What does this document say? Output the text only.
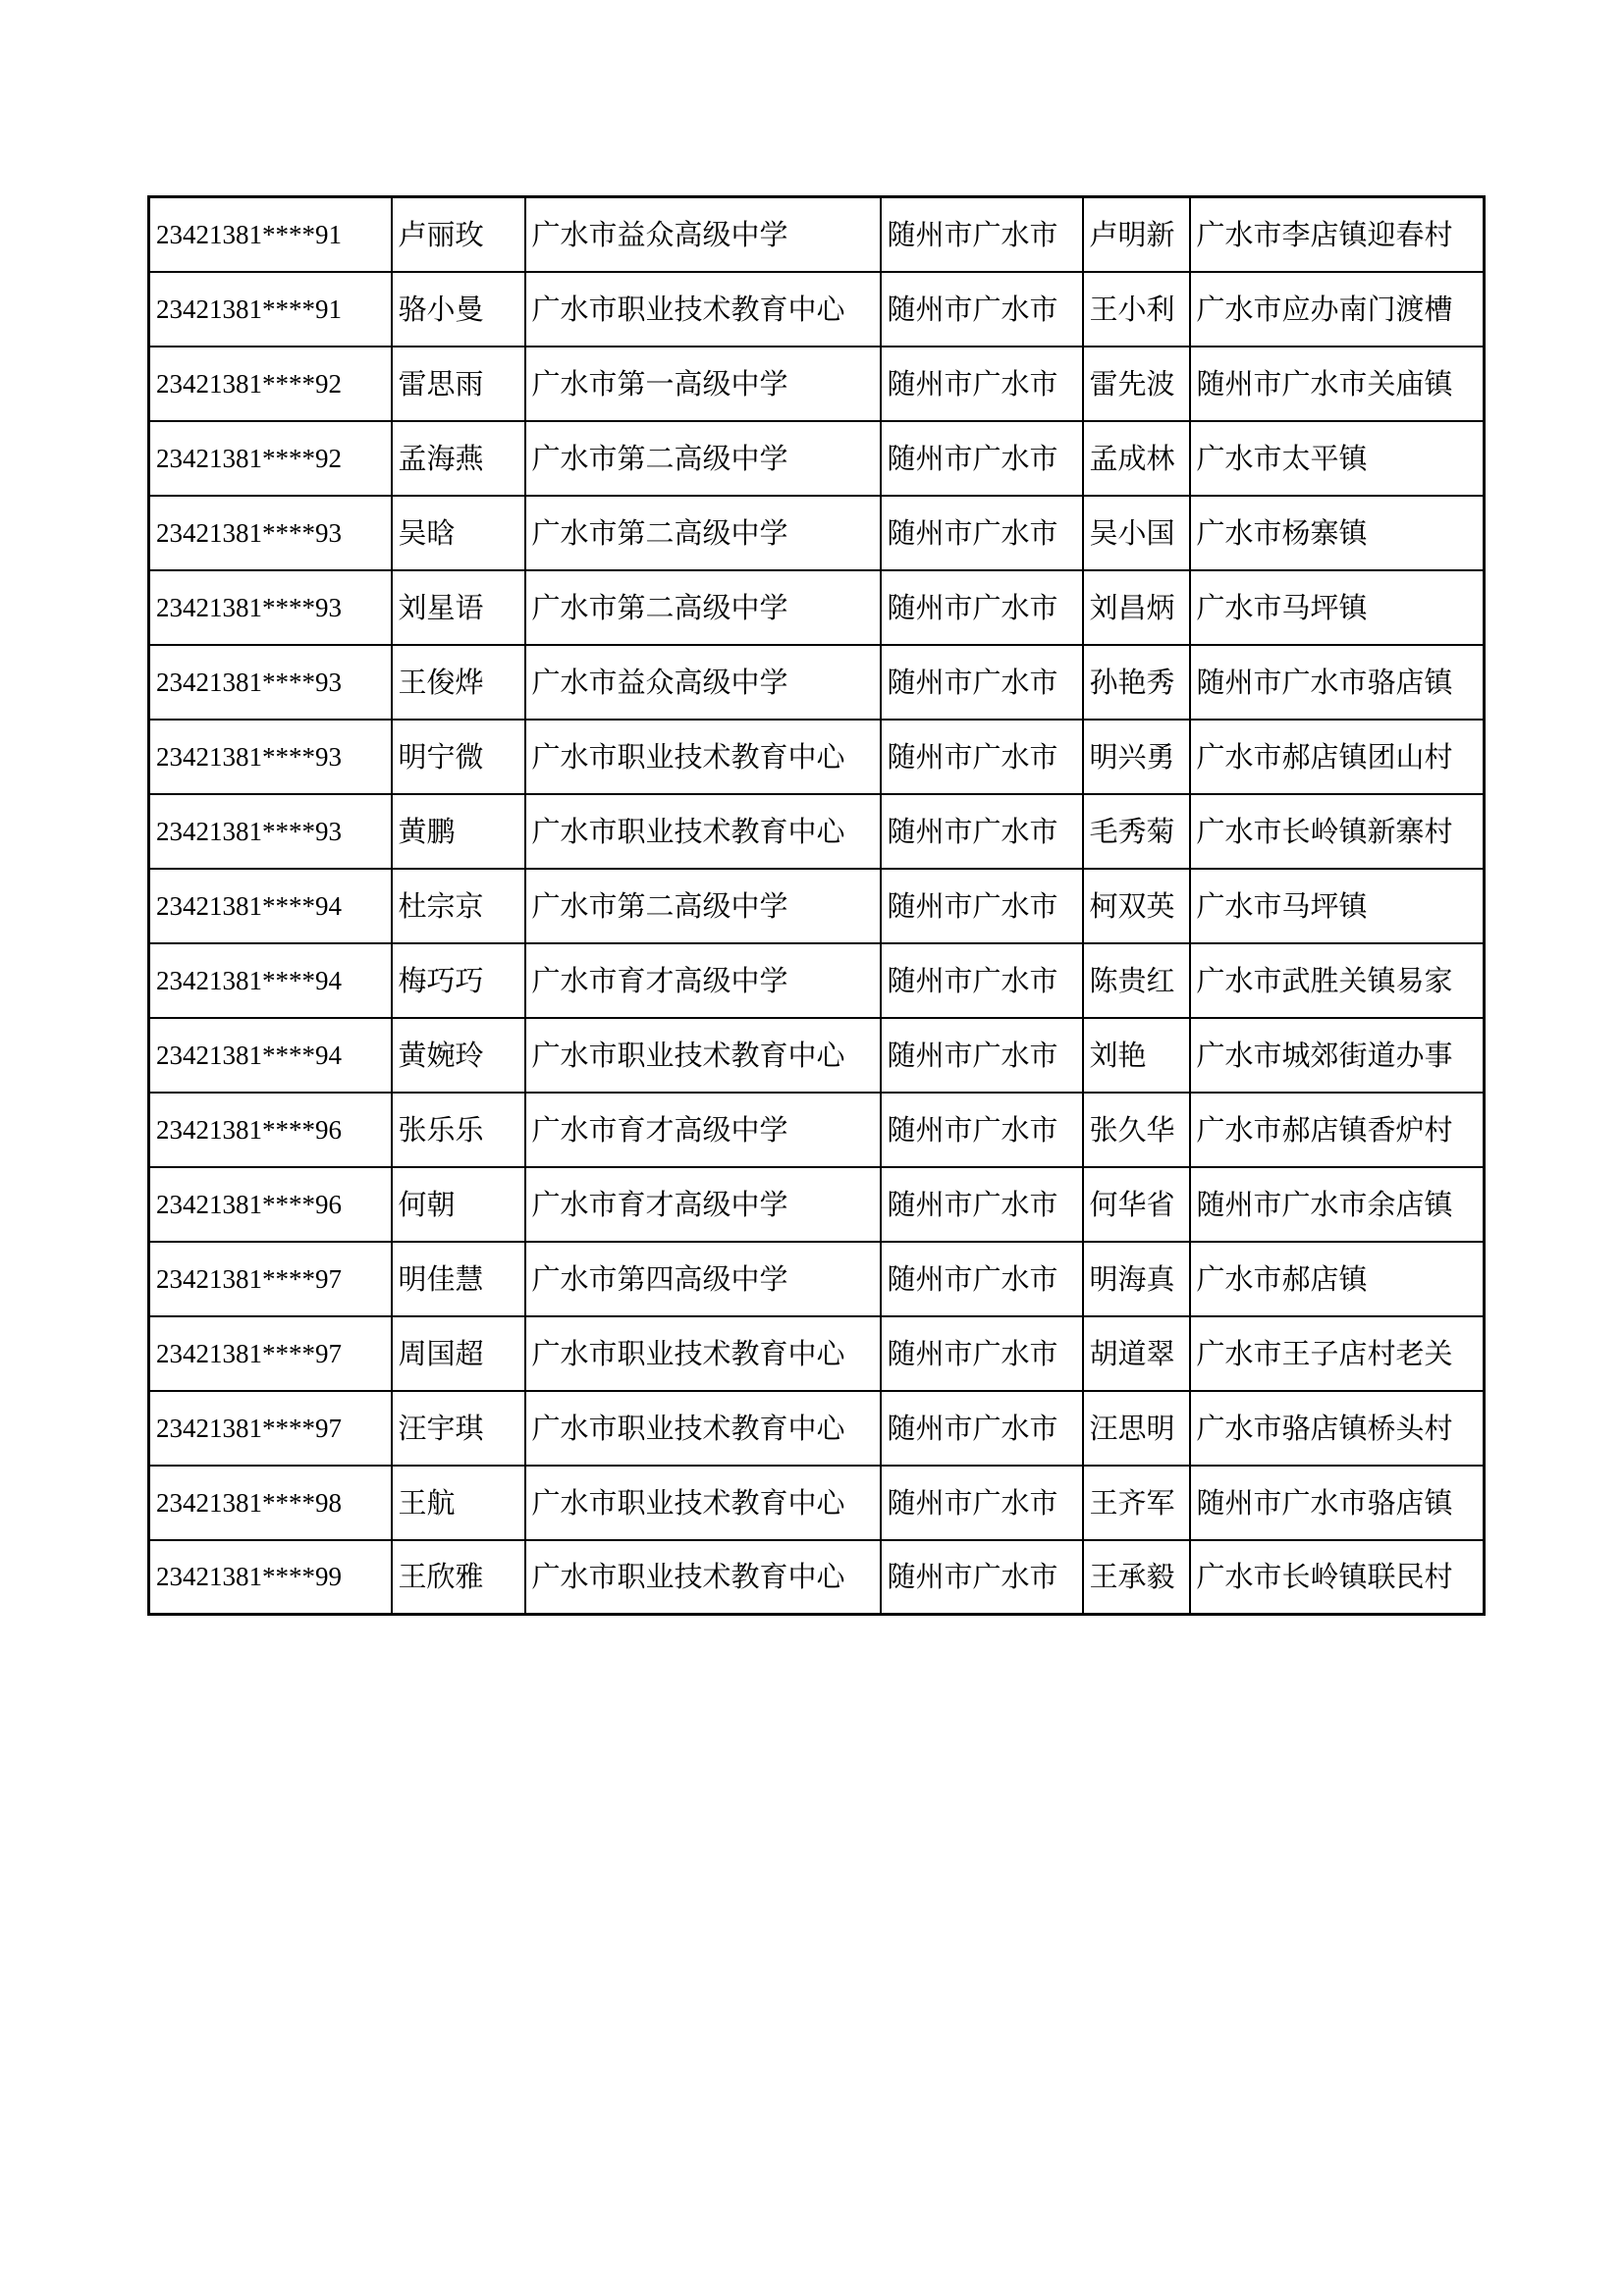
23421381****91	卢丽玫	广水市益众高级中学	随州市广水市	卢明新	广水市李店镇迎春村
23421381****91	骆小曼	广水市职业技术教育中心	随州市广水市	王小利	广水市应办南门渡槽
23421381****92	雷思雨	广水市第一高级中学	随州市广水市	雷先波	随州市广水市关庙镇
23421381****92	孟海燕	广水市第二高级中学	随州市广水市	孟成林	广水市太平镇
23421381****93	吴晗	广水市第二高级中学	随州市广水市	吴小国	广水市杨寨镇
23421381****93	刘星语	广水市第二高级中学	随州市广水市	刘昌炳	广水市马坪镇
23421381****93	王俊烨	广水市益众高级中学	随州市广水市	孙艳秀	随州市广水市骆店镇
23421381****93	明宁微	广水市职业技术教育中心	随州市广水市	明兴勇	广水市郝店镇团山村
23421381****93	黄鹏	广水市职业技术教育中心	随州市广水市	毛秀菊	广水市长岭镇新寨村
23421381****94	杜宗京	广水市第二高级中学	随州市广水市	柯双英	广水市马坪镇
23421381****94	梅巧巧	广水市育才高级中学	随州市广水市	陈贵红	广水市武胜关镇易家
23421381****94	黄婉玲	广水市职业技术教育中心	随州市广水市	刘艳	广水市城郊街道办事
23421381****96	张乐乐	广水市育才高级中学	随州市广水市	张久华	广水市郝店镇香炉村
23421381****96	何朝	广水市育才高级中学	随州市广水市	何华省	随州市广水市余店镇
23421381****97	明佳慧	广水市第四高级中学	随州市广水市	明海真	广水市郝店镇
23421381****97	周国超	广水市职业技术教育中心	随州市广水市	胡道翠	广水市王子店村老关
23421381****97	汪宇琪	广水市职业技术教育中心	随州市广水市	汪思明	广水市骆店镇桥头村
23421381****98	王航	广水市职业技术教育中心	随州市广水市	王齐军	随州市广水市骆店镇
23421381****99	王欣雅	广水市职业技术教育中心	随州市广水市	王承毅	广水市长岭镇联民村
